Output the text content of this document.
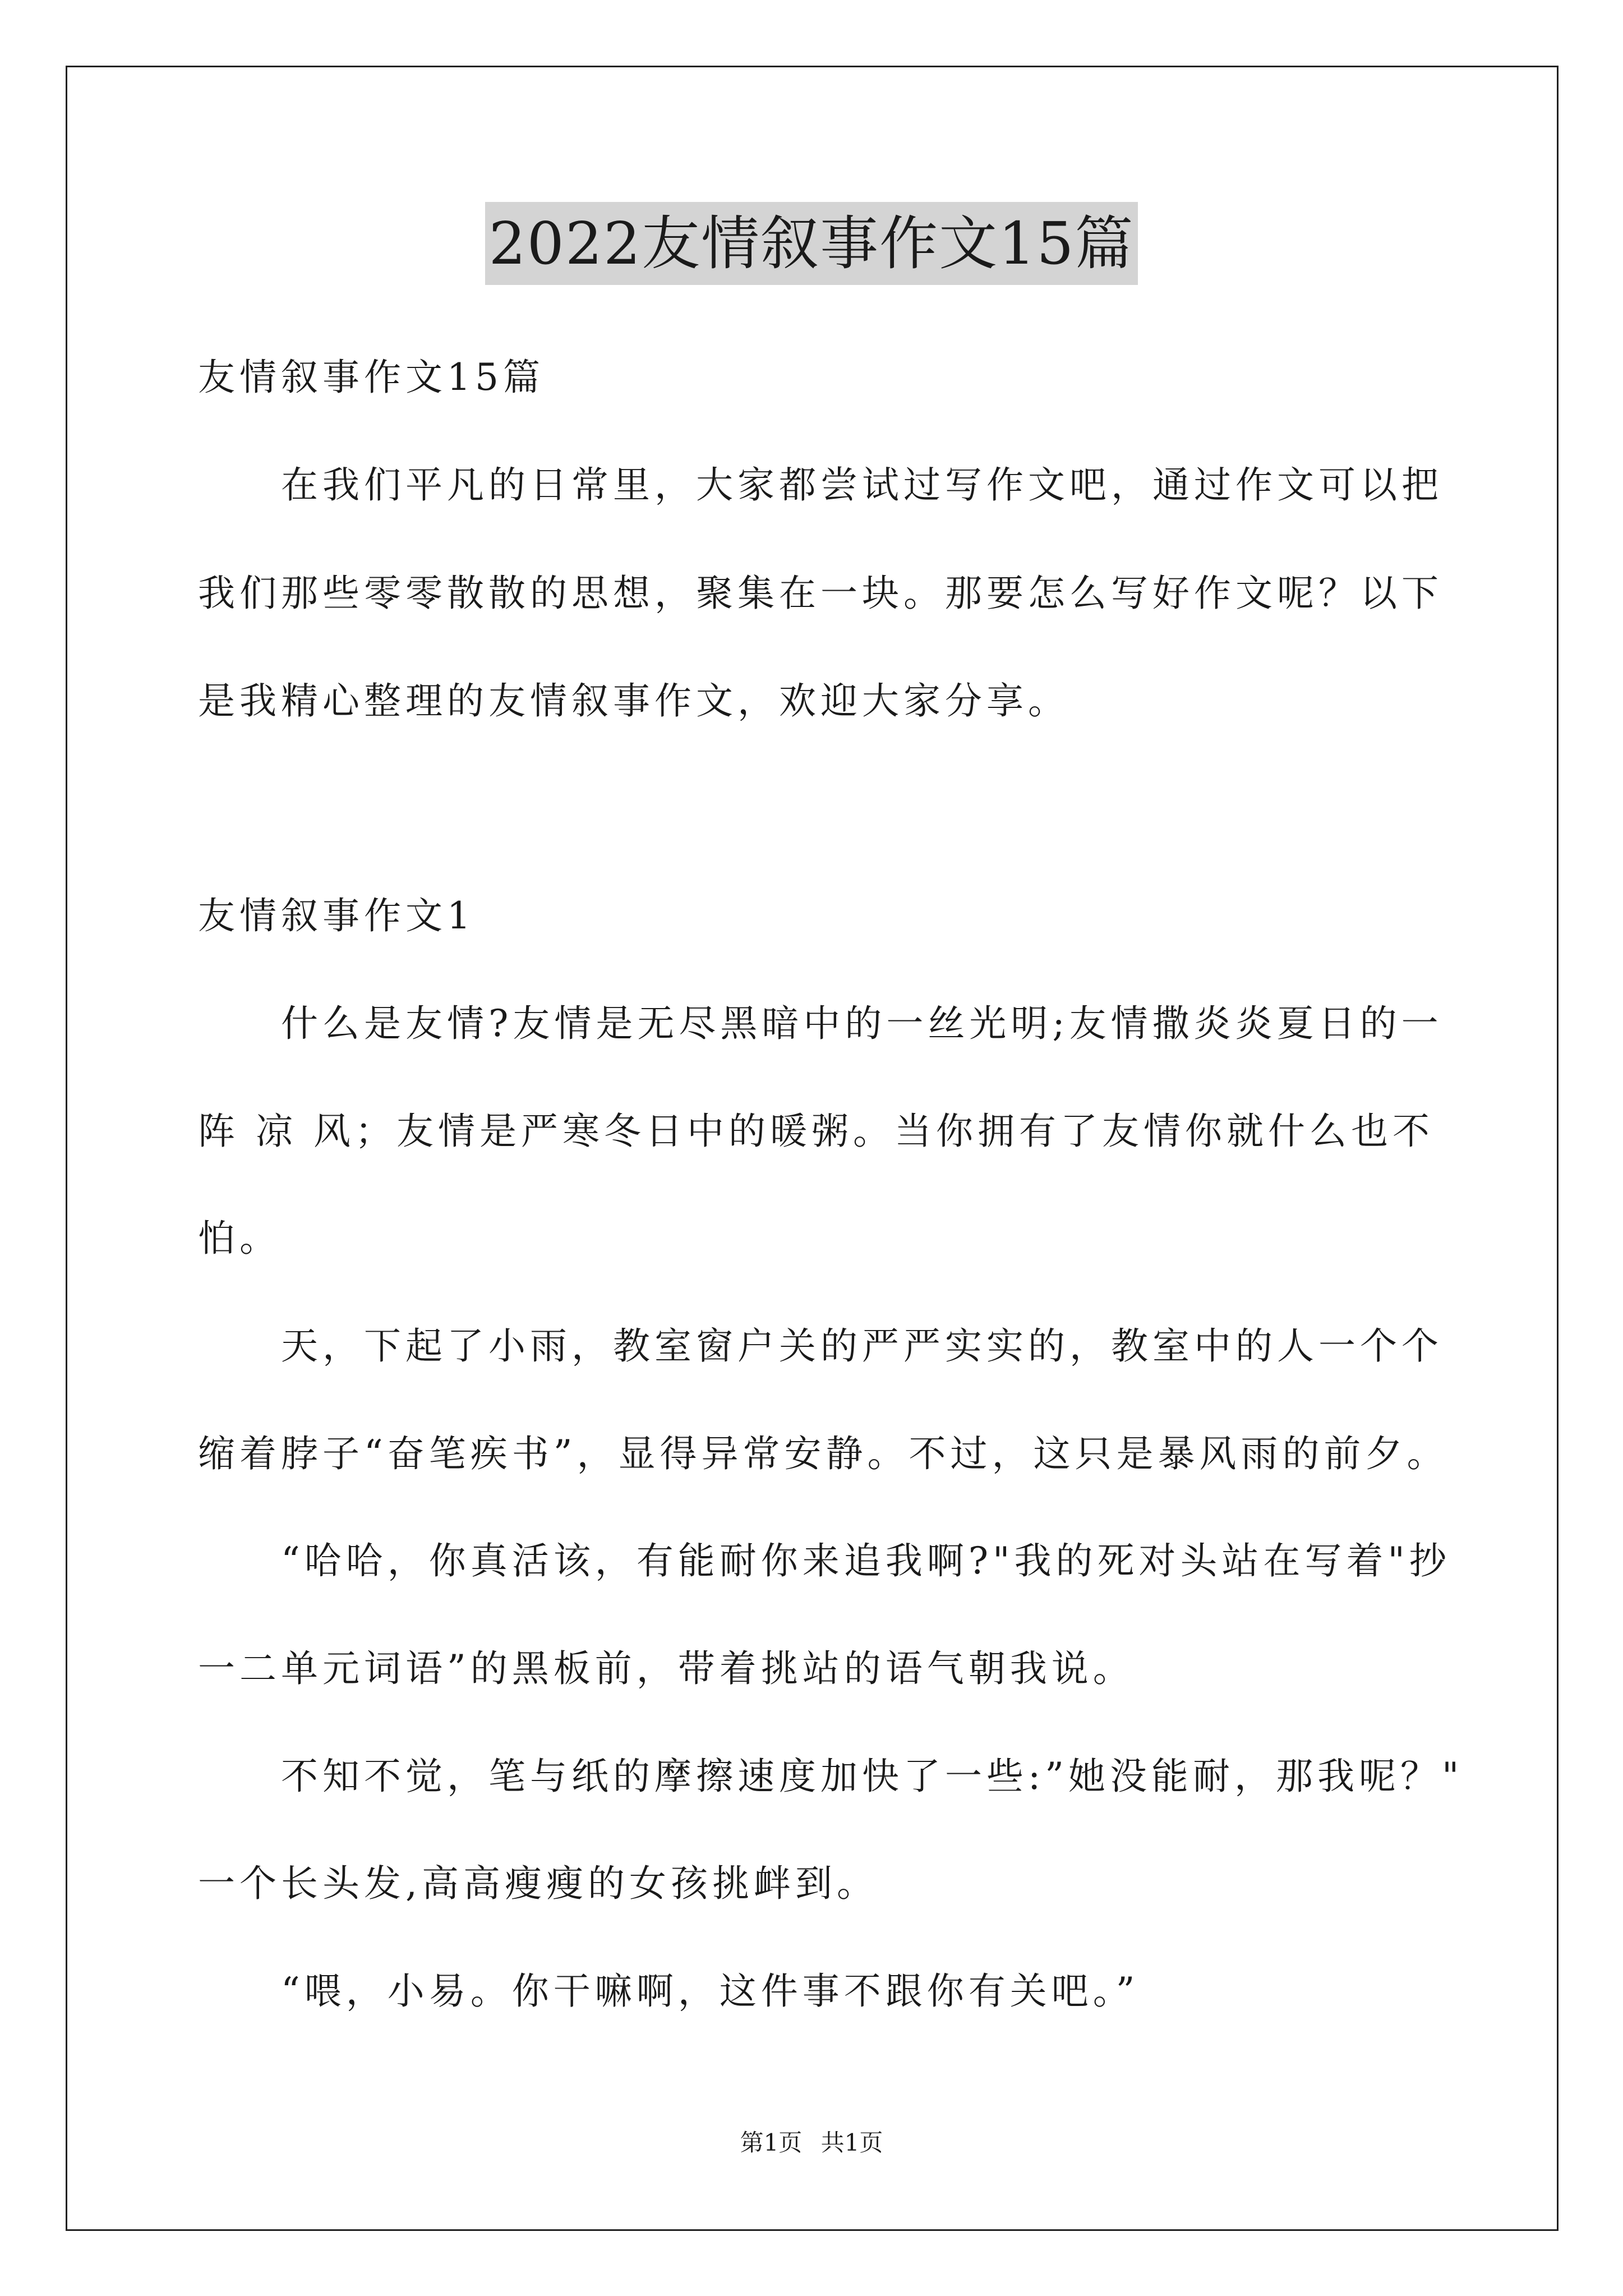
2022友情叙事作文15篇
友情叙事作文15篇
在我们平凡的日常里，大家都尝试过写作文吧，通过作文可以把
我们那些零零散散的思想，聚集在一块。那要怎么写好作文呢？以下
是我精心整理的友情叙事作文，欢迎大家分享。
友情叙事作文1
什么是友情?友情是无尽黑暗中的一丝光明;友情撒炎炎夏日的一
阵 凉 风；友情是严寒冬日中的暖粥。当你拥有了友情你就什么也不
怕。
天，下起了小雨，教室窗户关的严严实实的，教室中的人一个个
缩着脖子“奋笔疾书”，显得异常安静。不过，这只是暴风雨的前夕。
“哈哈，你真活该，有能耐你来追我啊?"我的死对头站在写着"抄
一二单元词语”的黑板前，带着挑站的语气朝我说。
不知不觉，笔与纸的摩擦速度加快了一些:”她没能耐，那我呢？"
一个长头发,高高瘦瘦的女孩挑衅到。
“喂，小易。你干嘛啊，这件事不跟你有关吧。”
第1页 共1页
